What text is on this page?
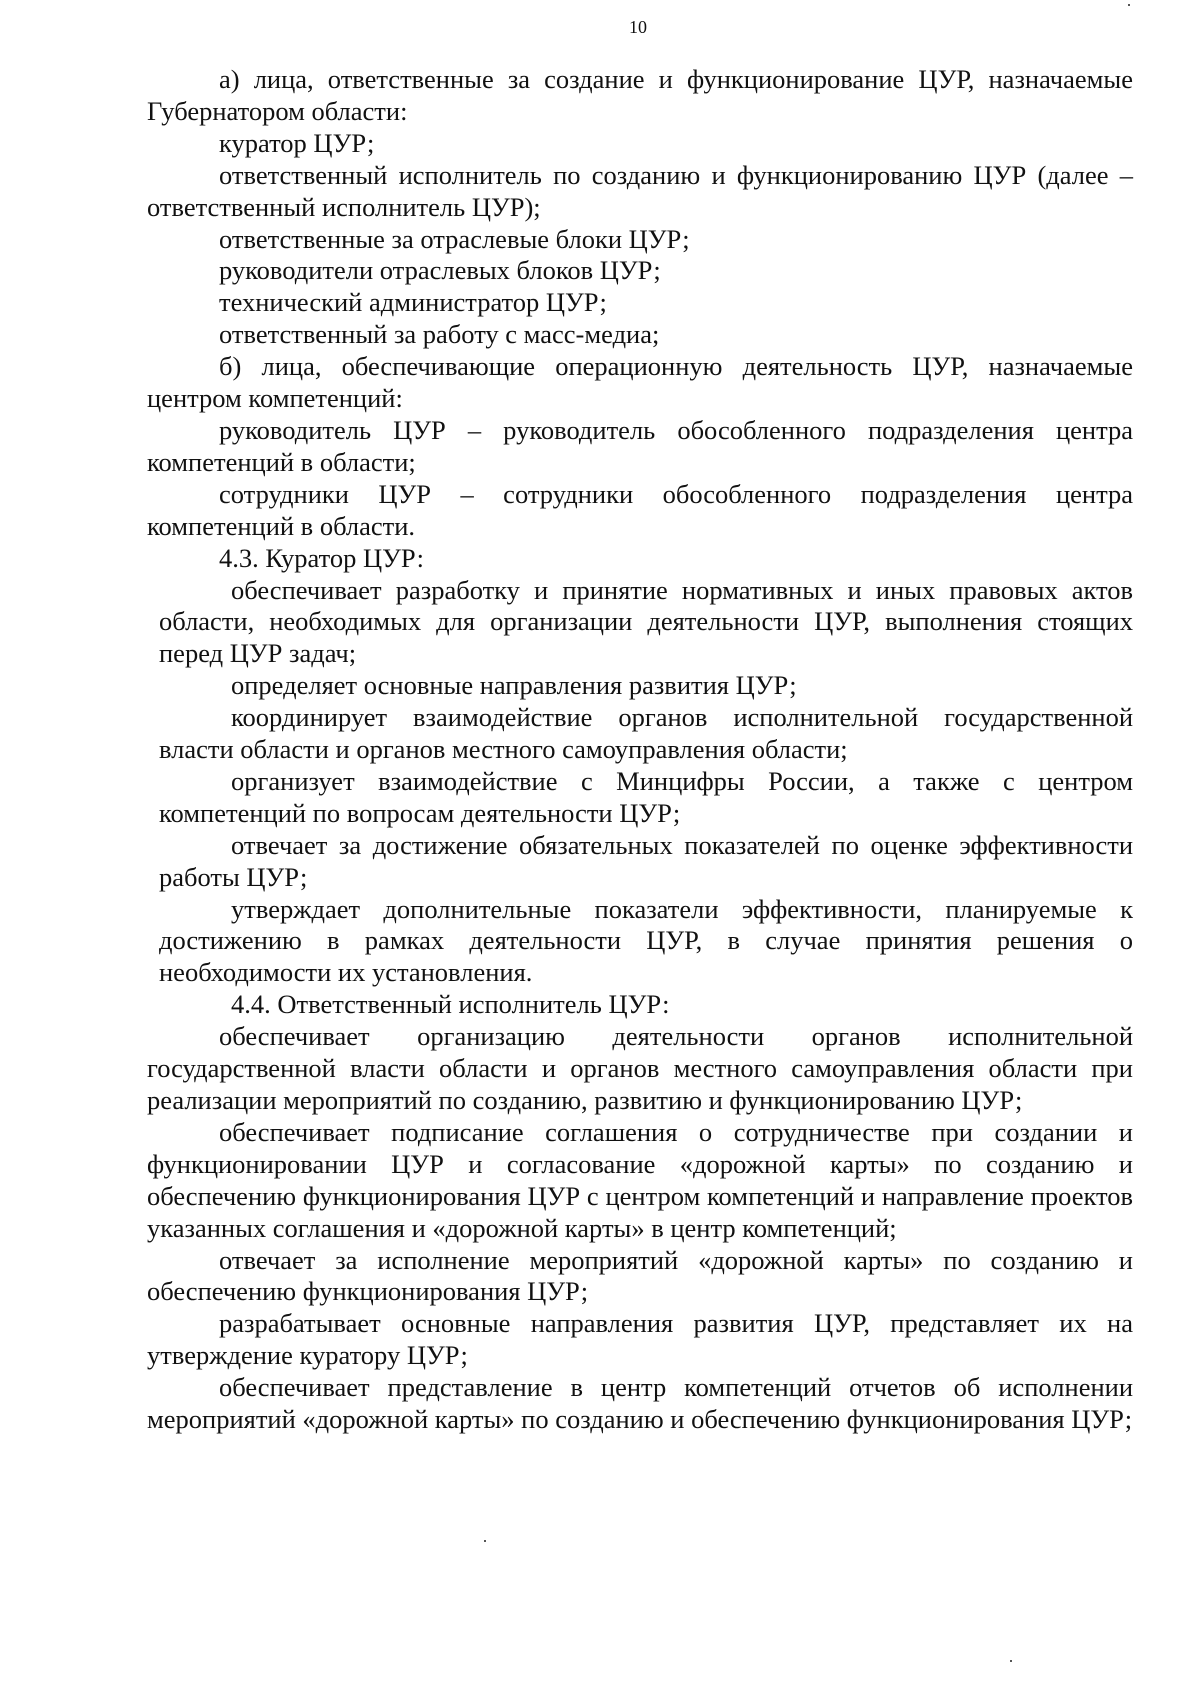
10

а) лица, ответственные за создание и функционирование ЦУР, назначаемые Губернатором области:

куратор ЦУР;

ответственный исполнитель по созданию и функционированию ЦУР (далее – ответственный исполнитель ЦУР);

ответственные за отраслевые блоки ЦУР;

руководители отраслевых блоков ЦУР;

технический администратор ЦУР;

ответственный за работу с масс-медиа;

б) лица, обеспечивающие операционную деятельность ЦУР, назначаемые центром компетенций:

руководитель ЦУР – руководитель обособленного подразделения центра компетенций в области;

сотрудники ЦУР – сотрудники обособленного подразделения центра компетенций в области.

4.3. Куратор ЦУР:

обеспечивает разработку и принятие нормативных и иных правовых актов области, необходимых для организации деятельности ЦУР, выполнения стоящих перед ЦУР задач;

определяет основные направления развития ЦУР;

координирует взаимодействие органов исполнительной государственной власти области и органов местного самоуправления области;

организует взаимодействие с Минцифры России, а также с центром компетенций по вопросам деятельности ЦУР;

отвечает за достижение обязательных показателей по оценке эффективности работы ЦУР;

утверждает дополнительные показатели эффективности, планируемые к достижению в рамках деятельности ЦУР, в случае принятия решения о необходимости их установления.

4.4. Ответственный исполнитель ЦУР:

обеспечивает организацию деятельности органов исполнительной государственной власти области и органов местного самоуправления области при реализации мероприятий по созданию, развитию и функционированию ЦУР;

обеспечивает подписание соглашения о сотрудничестве при создании и функционировании ЦУР и согласование «дорожной карты» по созданию и обеспечению функционирования ЦУР с центром компетенций и направление проектов указанных соглашения и «дорожной карты» в центр компетенций;

отвечает за исполнение мероприятий «дорожной карты» по созданию и обеспечению функционирования ЦУР;

разрабатывает основные направления развития ЦУР, представляет их на утверждение куратору ЦУР;

обеспечивает представление в центр компетенций отчетов об исполнении мероприятий «дорожной карты» по созданию и обеспечению функционирования ЦУР;
